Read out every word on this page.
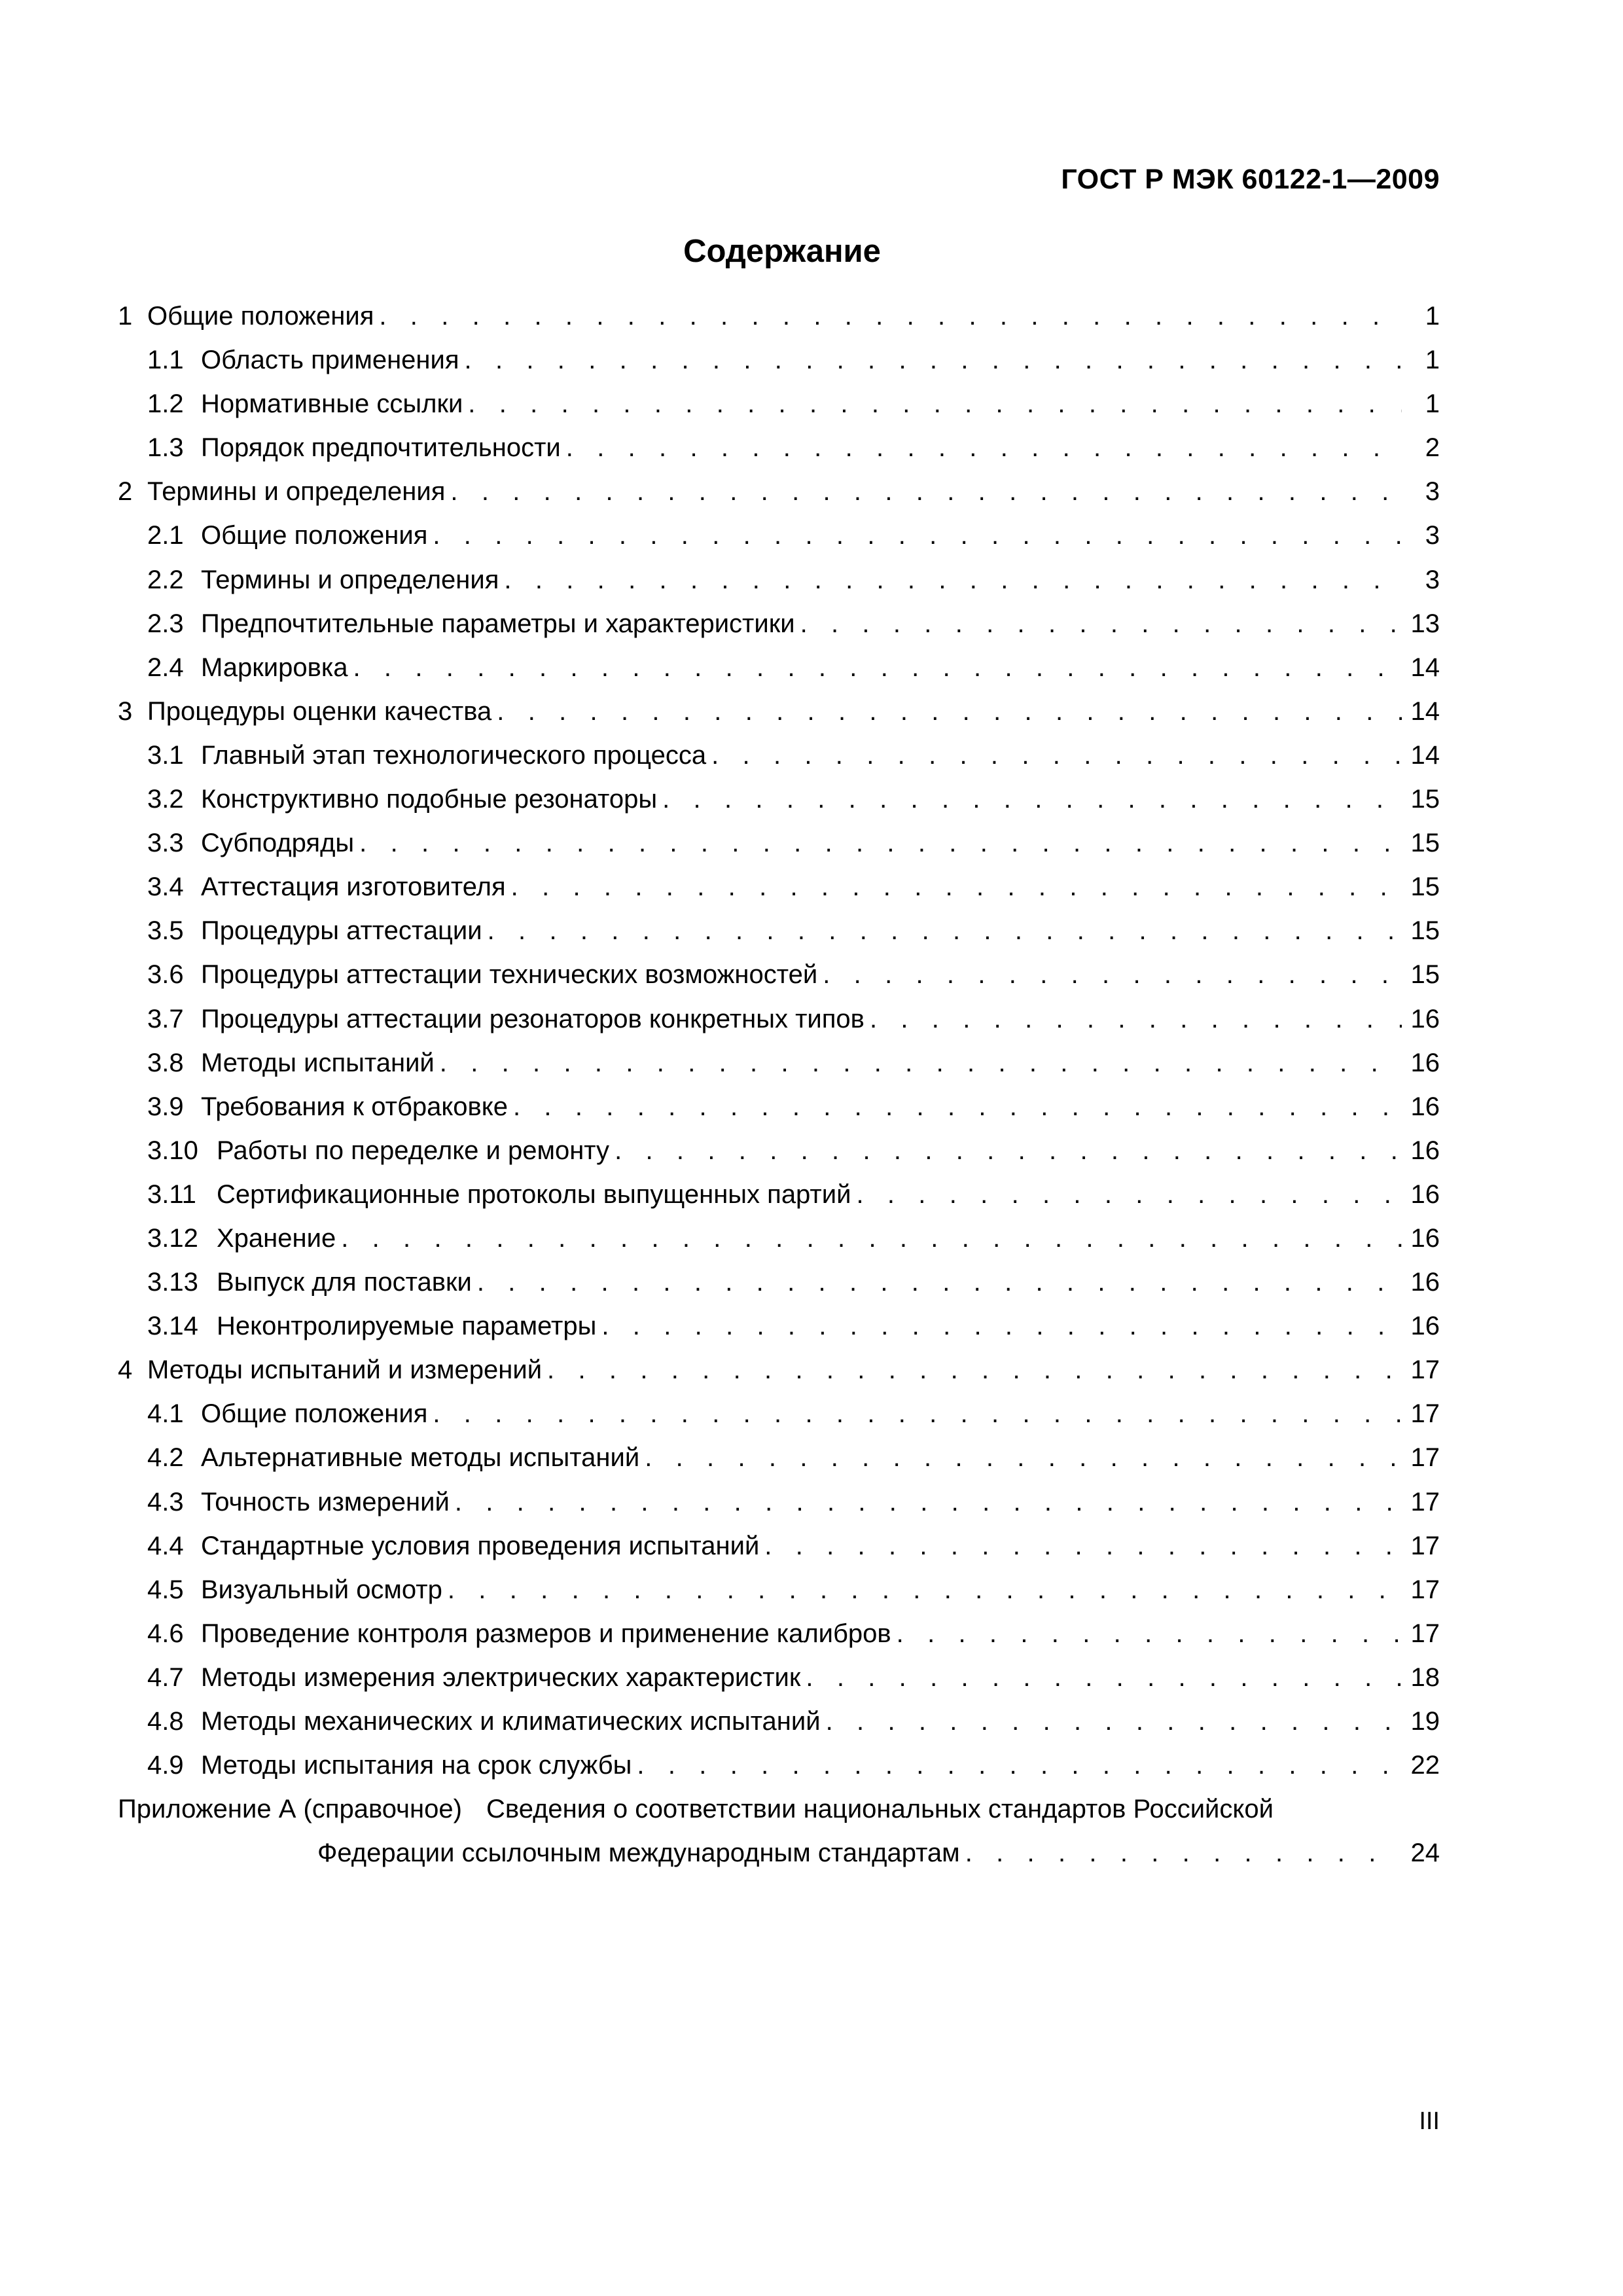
ГОСТ Р МЭК 60122-1—2009
Содержание
1 Общие положения . . .	1
1.1 Область применения . . .	1
1.2 Нормативные ссылки . . .	1
1.3 Порядок предпочтительности . . .	2
2 Термины и определения . . .	3
2.1 Общие положения . . .	3
2.2 Термины и определения . . .	3
2.3 Предпочтительные параметры и характеристики . . .	13
2.4 Маркировка . . .	14
3 Процедуры оценки качества . . .	14
3.1 Главный этап технологического процесса . . .	14
3.2 Конструктивно подобные резонаторы . . .	15
3.3 Субподряды . . .	15
3.4 Аттестация изготовителя . . .	15
3.5 Процедуры аттестации . . .	15
3.6 Процедуры аттестации технических возможностей . . .	15
3.7 Процедуры аттестации резонаторов конкретных типов . . .	16
3.8 Методы испытаний . . .	16
3.9 Требования к отбраковке . . .	16
3.10 Работы по переделке и ремонту . . .	16
3.11 Сертификационные протоколы выпущенных партий . . .	16
3.12 Хранение . . .	16
3.13 Выпуск для поставки . . .	16
3.14 Неконтролируемые параметры . . .	16
4 Методы испытаний и измерений . . .	17
4.1 Общие положения . . .	17
4.2 Альтернативные методы испытаний . . .	17
4.3 Точность измерений . . .	17
4.4 Стандартные условия проведения испытаний . . .	17
4.5 Визуальный осмотр . . .	17
4.6 Проведение контроля размеров и применение калибров . . .	17
4.7 Методы измерения электрических характеристик . . .	18
4.8 Методы механических и климатических испытаний . . .	19
4.9 Методы испытания на срок службы . . .	22
Приложение А (справочное) Сведения о соответствии национальных стандартов Российской
Федерации ссылочным международным стандартам . . .	24
III
